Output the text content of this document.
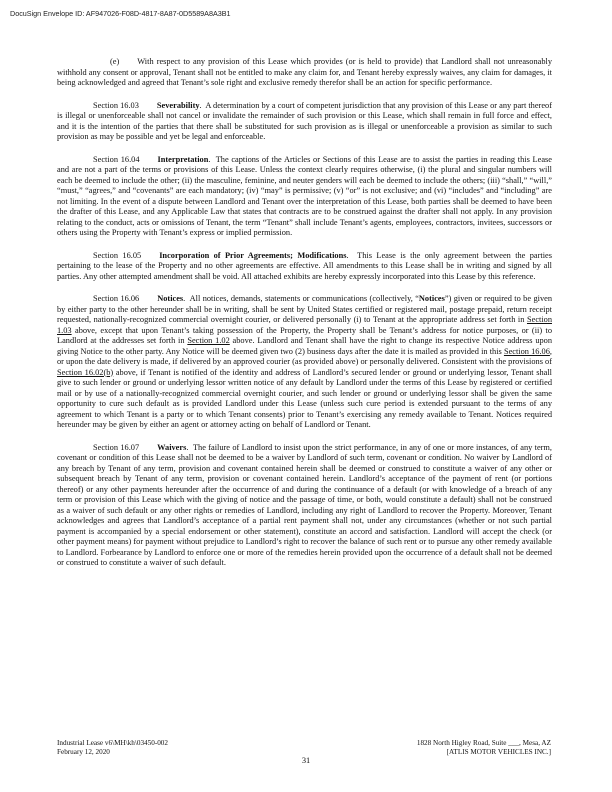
DocuSign Envelope ID: AF947026-F08D-4817-8A87-0D5589A8A3B1

(e) With respect to any provision of this Lease which provides (or is held to provide) that Landlord shall not unreasonably withhold any consent or approval, Tenant shall not be entitled to make any claim for, and Tenant hereby expressly waives, any claim for damages, it being acknowledged and agreed that Tenant’s sole right and exclusive remedy therefor shall be an action for specific performance.

Section 16.03 Severability.  A determination by a court of competent jurisdiction that any provision of this Lease or any part thereof is illegal or unenforceable shall not cancel or invalidate the remainder of such provision or this Lease, which shall remain in full force and effect, and it is the intention of the parties that there shall be substituted for such provision as is illegal or unenforceable a provision as similar to such provision as may be possible and yet be legal and enforceable.

Section 16.04 Interpretation.  The captions of the Articles or Sections of this Lease are to assist the parties in reading this Lease and are not a part of the terms or provisions of this Lease. Unless the context clearly requires otherwise, (i) the plural and singular numbers will each be deemed to include the other; (ii) the masculine, feminine, and neuter genders will each be deemed to include the others; (iii) “shall,” “will,” “must,” “agrees,” and “covenants” are each mandatory; (iv) “may” is permissive; (v) “or” is not exclusive; and (vi) “includes” and “including” are not limiting. In the event of a dispute between Landlord and Tenant over the interpretation of this Lease, both parties shall be deemed to have been the drafter of this Lease, and any Applicable Law that states that contracts are to be construed against the drafter shall not apply. In any provision relating to the conduct, acts or omissions of Tenant, the term “Tenant” shall include Tenant’s agents, employees, contractors, invitees, successors or others using the Property with Tenant’s express or implied permission.

Section 16.05 Incorporation of Prior Agreements; Modifications.  This Lease is the only agreement between the parties pertaining to the lease of the Property and no other agreements are effective. All amendments to this Lease shall be in writing and signed by all parties. Any other attempted amendment shall be void. All attached exhibits are hereby expressly incorporated into this Lease by this reference.

Section 16.06 Notices.  All notices, demands, statements or communications (collectively, “Notices”) given or required to be given by either party to the other hereunder shall be in writing, shall be sent by United States certified or registered mail, postage prepaid, return receipt requested, nationally-recognized commercial overnight courier, or delivered personally (i) to Tenant at the appropriate address set forth in Section 1.03 above, except that upon Tenant’s taking possession of the Property, the Property shall be Tenant’s address for notice purposes, or (ii) to Landlord at the addresses set forth in Section 1.02 above. Landlord and Tenant shall have the right to change its respective Notice address upon giving Notice to the other party. Any Notice will be deemed given two (2) business days after the date it is mailed as provided in this Section 16.06, or upon the date delivery is made, if delivered by an approved courier (as provided above) or personally delivered. Consistent with the provisions of Section 16.02(b) above, if Tenant is notified of the identity and address of Landlord’s secured lender or ground or underlying lessor, Tenant shall give to such lender or ground or underlying lessor written notice of any default by Landlord under the terms of this Lease by registered or certified mail or by use of a nationally-recognized commercial overnight courier, and such lender or ground or underlying lessor shall be given the same opportunity to cure such default as is provided Landlord under this Lease (unless such cure period is extended pursuant to the terms of any agreement to which Tenant is a party or to which Tenant consents) prior to Tenant’s exercising any remedy available to Tenant. Notices required hereunder may be given by either an agent or attorney acting on behalf of Landlord or Tenant.

Section 16.07 Waivers.  The failure of Landlord to insist upon the strict performance, in any of one or more instances, of any term, covenant or condition of this Lease shall not be deemed to be a waiver by Landlord of such term, covenant or condition. No waiver by Landlord of any breach by Tenant of any term, provision and covenant contained herein shall be deemed or construed to constitute a waiver of any other or subsequent breach by Tenant of any term, provision or covenant contained herein. Landlord’s acceptance of the payment of rent (or portions thereof) or any other payments hereunder after the occurrence of and during the continuance of a default (or with knowledge of a breach of any term or provision of this Lease which with the giving of notice and the passage of time, or both, would constitute a default) shall not be construed as a waiver of such default or any other rights or remedies of Landlord, including any right of Landlord to recover the Property. Moreover, Tenant acknowledges and agrees that Landlord’s acceptance of a partial rent payment shall not, under any circumstances (whether or not such partial payment is accompanied by a special endorsement or other statement), constitute an accord and satisfaction. Landlord will accept the check (or other payment means) for payment without prejudice to Landlord’s right to recover the balance of such rent or to pursue any other remedy available to Landlord. Forbearance by Landlord to enforce one or more of the remedies herein provided upon the occurrence of a default shall not be deemed or construed to constitute a waiver of such default.

Industrial Lease v6\MH\kh\03450-002
February 12, 2020
1828 North Higley Road, Suite ___, Mesa, AZ
[ATLIS MOTOR VEHICLES INC.]
31
